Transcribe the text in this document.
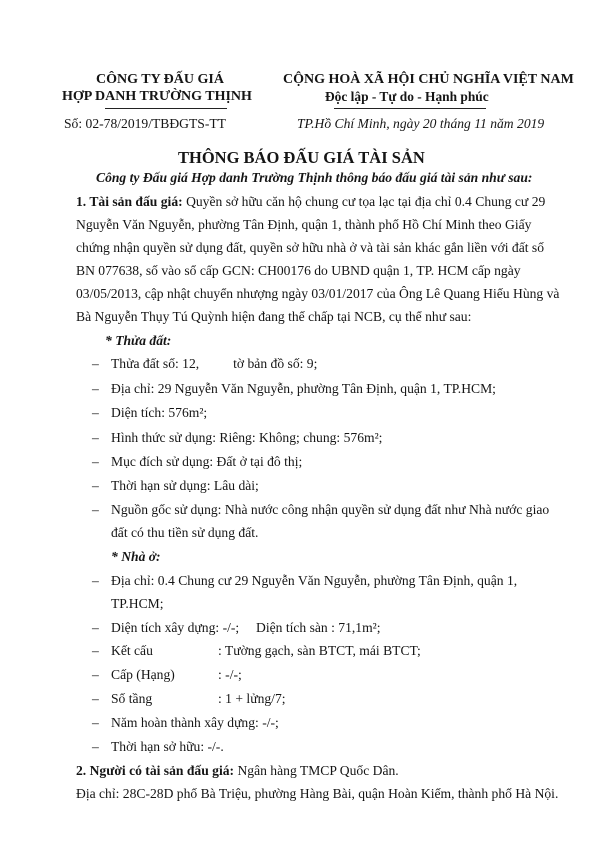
CÔNG TY ĐẤU GIÁ
HỢP DANH TRƯỜNG THỊNH
Số: 02-78/2019/TBĐGTS-TT
CỘNG HOÀ XÃ HỘI CHỦ NGHĨA VIỆT NAM
Độc lập - Tự do - Hạnh phúc
TP.Hồ Chí Minh, ngày 20 tháng 11 năm 2019
THÔNG BÁO ĐẤU GIÁ TÀI SẢN
Công ty Đấu giá Hợp danh Trường Thịnh thông báo đấu giá tài sản như sau:
1. Tài sản đấu giá: Quyền sở hữu căn hộ chung cư tọa lạc tại địa chỉ 0.4 Chung cư 29
Nguyễn Văn Nguyễn, phường Tân Định, quận 1, thành phố Hồ Chí Minh theo Giấy
chứng nhận quyền sử dụng đất, quyền sở hữu nhà ở và tài sản khác gắn liền với đất số
BN 077638, số vào sổ cấp GCN: CH00176 do UBND quận 1, TP. HCM cấp ngày
03/05/2013, cập nhật chuyển nhượng ngày 03/01/2017 của Ông Lê Quang Hiếu Hùng và
Bà Nguyễn Thụy Tú Quỳnh hiện đang thế chấp tại NCB, cụ thể như sau:
* Thửa đất:
– Thửa đất số: 12,          tờ bản đồ số: 9;
– Địa chỉ: 29 Nguyễn Văn Nguyễn, phường Tân Định, quận 1, TP.HCM;
– Diện tích: 576m²;
– Hình thức sử dụng: Riêng: Không; chung: 576m²;
– Mục đích sử dụng: Đất ở tại đô thị;
– Thời hạn sử dụng: Lâu dài;
– Nguồn gốc sử dụng: Nhà nước công nhận quyền sử dụng đất như Nhà nước giao
đất có thu tiền sử dụng đất.
* Nhà ở:
– Địa chỉ: 0.4 Chung cư 29 Nguyễn Văn Nguyễn, phường Tân Định, quận 1,
TP.HCM;
– Diện tích xây dựng: -/-; Diện tích sàn : 71,1m²;
– Kết cấu	: Tường gạch, sàn BTCT, mái BTCT;
– Cấp (Hạng)	: -/-;
– Số tầng	: 1 + lửng/7;
– Năm hoàn thành xây dựng: -/-;
– Thời hạn sở hữu: -/-.
2. Người có tài sản đấu giá: Ngân hàng TMCP Quốc Dân.
Địa chỉ: 28C-28D phố Bà Triệu, phường Hàng Bài, quận Hoàn Kiếm, thành phố Hà Nội.
